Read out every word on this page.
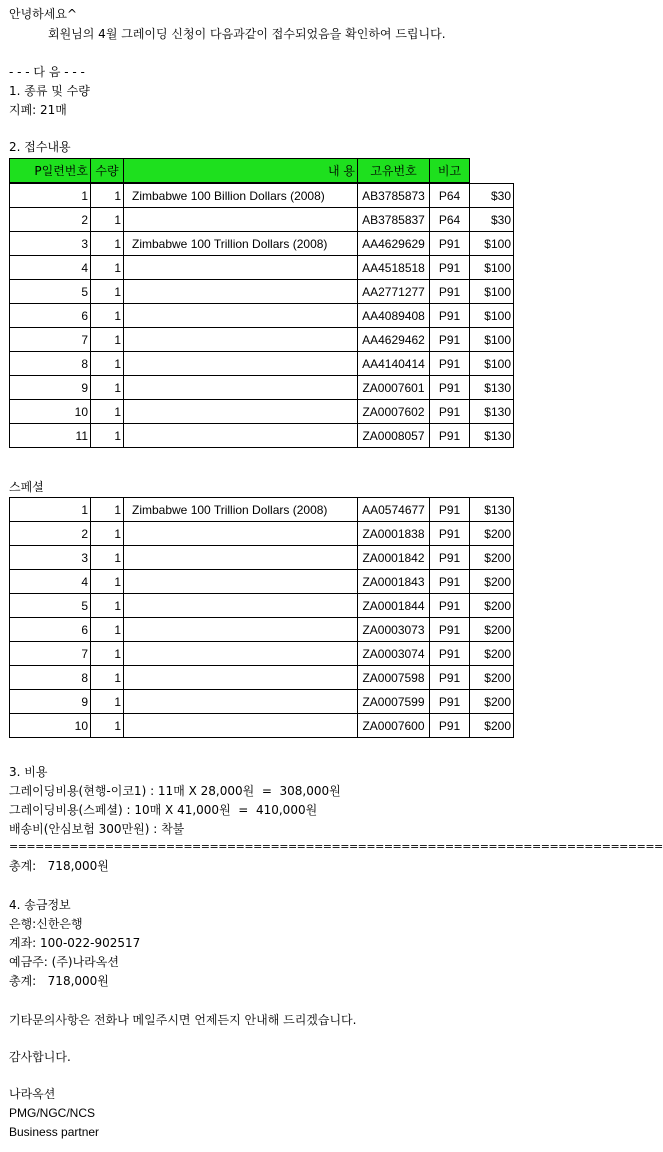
안녕하세요^
회원님의 4월 그레이딩 신청이 다음과같이 접수되었음을 확인하여 드립니다.
- - - 다 음 - - -
1. 종류 및 수량
지폐: 21매
2. 접수내용
P일련번호	수량	내 용	고유번호	비고
1	1	Zimbabwe 100 Billion Dollars (2008)	AB3785873	P64	$30
2	1		AB3785837	P64	$30
3	1	Zimbabwe 100 Trillion Dollars (2008)	AA4629629	P91	$100
4	1		AA4518518	P91	$100
5	1		AA2771277	P91	$100
6	1		AA4089408	P91	$100
7	1		AA4629462	P91	$100
8	1		AA4140414	P91	$100
9	1		ZA0007601	P91	$130
10	1		ZA0007602	P91	$130
11	1		ZA0008057	P91	$130
스페셜
1	1	Zimbabwe 100 Trillion Dollars (2008)	AA0574677	P91	$130
2	1		ZA0001838	P91	$200
3	1		ZA0001842	P91	$200
4	1		ZA0001843	P91	$200
5	1		ZA0001844	P91	$200
6	1		ZA0003073	P91	$200
7	1		ZA0003074	P91	$200
8	1		ZA0007598	P91	$200
9	1		ZA0007599	P91	$200
10	1		ZA0007600	P91	$200
3. 비용
그레이딩비용(현행-이코1) : 11매 X 28,000원  =  308,000원
그레이딩비용(스페셜) : 10매 X 41,000원  =  410,000원
배송비(안심보험 300만원) : 착불
===========================================================================
총계:   718,000원
4. 송금정보
은행:신한은행
계좌: 100-022-902517
예금주: (주)나라옥션
총계:   718,000원
기타문의사항은 전화나 메일주시면 언제든지 안내해 드리겠습니다.
감사합니다.
나라옥션
PMG/NGC/NCS
Business partner
